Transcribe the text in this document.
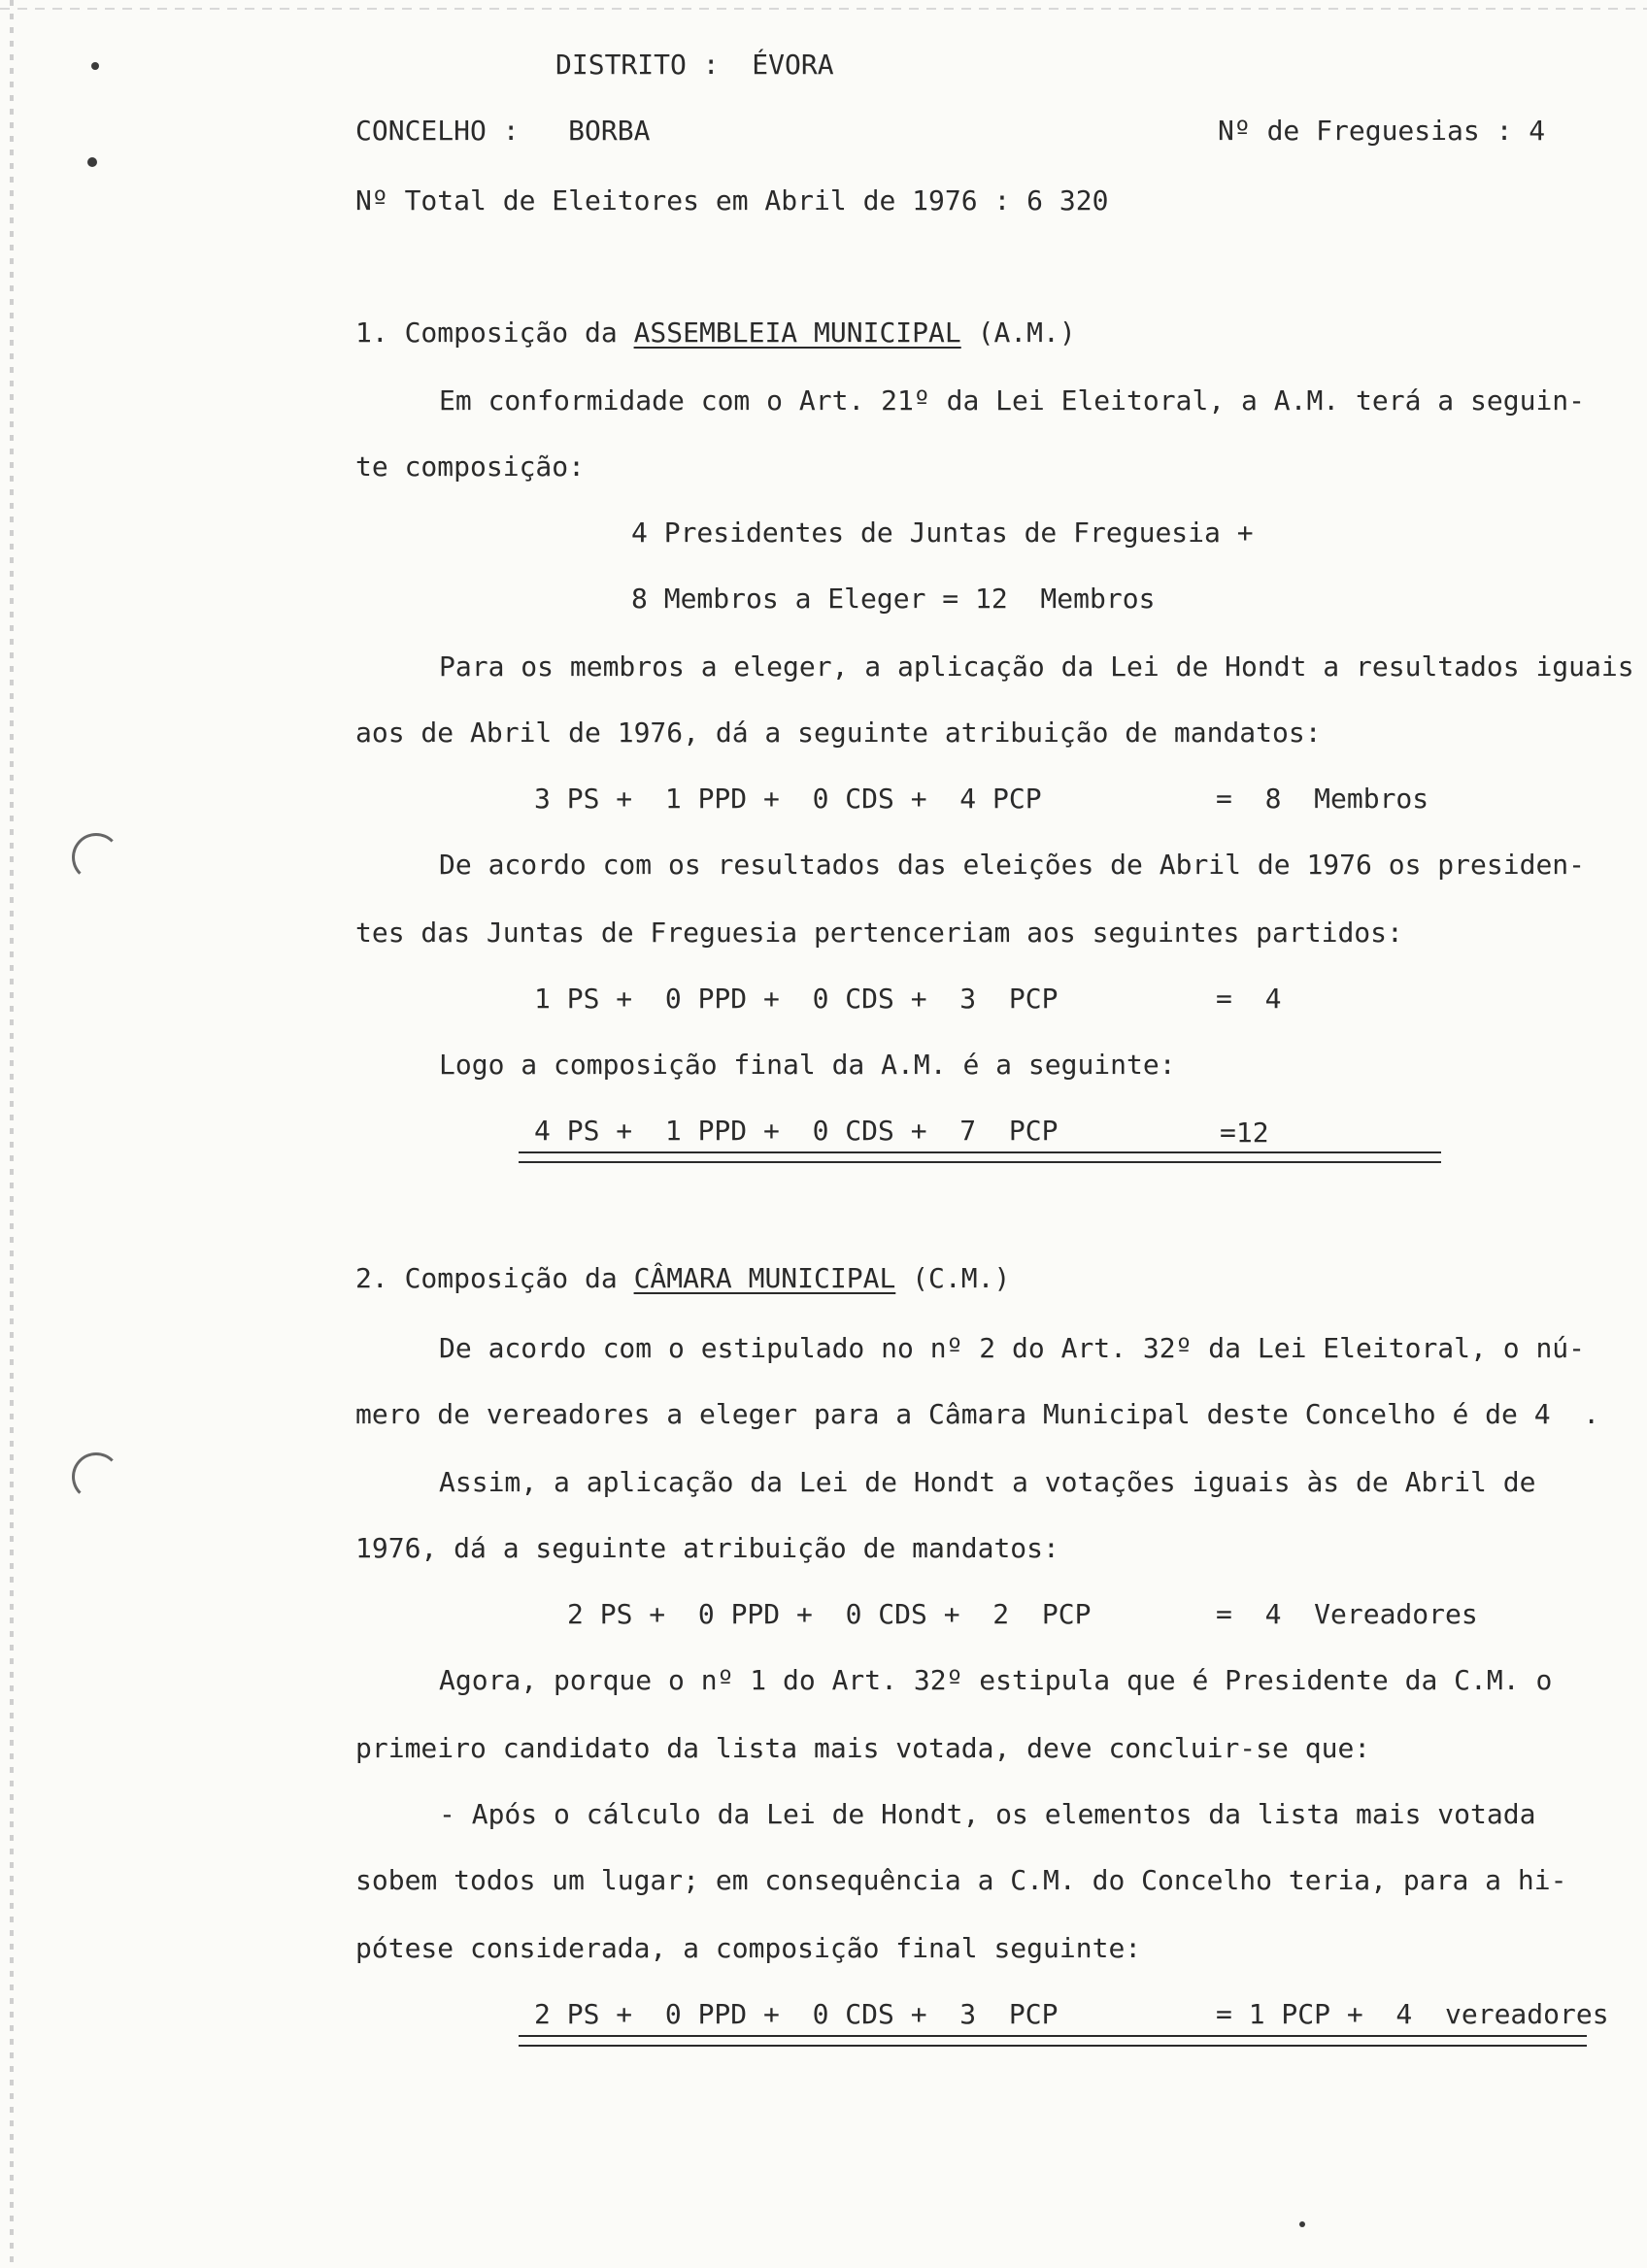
DISTRITO :  ÉVORA
CONCELHO :   BORBA	Nº de Freguesias : 4
Nº Total de Eleitores em Abril de 1976 : 6 320
1. Composição da ASSEMBLEIA MUNICIPAL (A.M.)
Em conformidade com o Art. 21º da Lei Eleitoral, a A.M. terá a seguin-
te composição:
4 Presidentes de Juntas de Freguesia +
8 Membros a Eleger = 12  Membros
Para os membros a eleger, a aplicação da Lei de Hondt a resultados iguais
aos de Abril de 1976, dá a seguinte atribuição de mandatos:
3 PS +  1 PPD +  0 CDS +  4 PCP	=  8  Membros
De acordo com os resultados das eleições de Abril de 1976 os presiden-
tes das Juntas de Freguesia pertenceriam aos seguintes partidos:
1 PS +  0 PPD +  0 CDS +  3  PCP	=  4
Logo a composição final da A.M. é a seguinte:
4 PS +  1 PPD +  0 CDS +  7  PCP	=12
2. Composição da CÂMARA MUNICIPAL (C.M.)
De acordo com o estipulado no nº 2 do Art. 32º da Lei Eleitoral, o nú-
mero de vereadores a eleger para a Câmara Municipal deste Concelho é de 4  .
Assim, a aplicação da Lei de Hondt a votações iguais às de Abril de
1976, dá a seguinte atribuição de mandatos:
2 PS +  0 PPD +  0 CDS +  2  PCP	=  4  Vereadores
Agora, porque o nº 1 do Art. 32º estipula que é Presidente da C.M. o
primeiro candidato da lista mais votada, deve concluir-se que:
- Após o cálculo da Lei de Hondt, os elementos da lista mais votada
sobem todos um lugar; em consequência a C.M. do Concelho teria, para a hi-
pótese considerada, a composição final seguinte:
2 PS +  0 PPD +  0 CDS +  3  PCP	= 1 PCP +  4  vereadores
